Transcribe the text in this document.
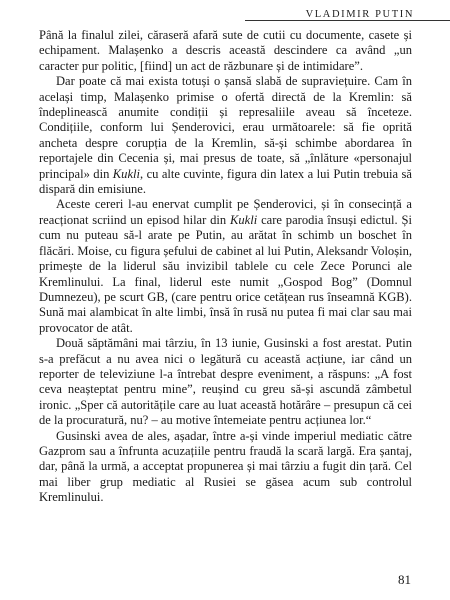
VLADIMIR PUTIN

Până la finalul zilei, căraseră afară sute de cutii cu documente, casete și echipament. Malașenko a descris această descindere ca având „un caracter pur politic, [fiind] un act de răzbunare și de intimidare”.

Dar poate că mai exista totuși o șansă slabă de supraviețuire. Cam în același timp, Malașenko primise o ofertă directă de la Kremlin: să îndeplinească anumite condiții și represaliile aveau să înceteze. Condițiile, conform lui Șenderovici, erau următoarele: să fie oprită ancheta despre corupția de la Kremlin, să-și schimbe abordarea în reportajele din Cecenia și, mai presus de toate, să „înlăture «personajul principal» din Kukli, cu alte cuvinte, figura din latex a lui Putin trebuia să dispară din emisiune.

Aceste cereri l-au enervat cumplit pe Șenderovici, și în consecință a reacționat scriind un episod hilar din Kukli care parodia însuși edictul. Și cum nu puteau să-l arate pe Putin, au arătat în schimb un boschet în flăcări. Moise, cu figura șefului de cabinet al lui Putin, Aleksandr Voloșin, primește de la liderul său invizibil tablele cu cele Zece Porunci ale Kremlinului. La final, liderul este numit „Gospod Bog” (Domnul Dumnezeu), pe scurt GB, (care pentru orice cetățean rus înseamnă KGB). Sună mai alambicat în alte limbi, însă în rusă nu putea fi mai clar sau mai provocator de atât.

Două săptămâni mai târziu, în 13 iunie, Gusinski a fost arestat. Putin s-a prefăcut a nu avea nici o legătură cu această acțiune, iar când un reporter de televiziune l-a întrebat despre eveniment, a răspuns: „A fost ceva neașteptat pentru mine”, reușind cu greu să-și ascundă zâmbetul ironic. „Sper că autoritățile care au luat această hotărâre – presupun că cei de la procuratură, nu? – au motive întemeiate pentru acțiunea lor.“

Gusinski avea de ales, așadar, între a-și vinde imperiul mediatic către Gazprom sau a înfrunta acuzațiile pentru fraudă la scară largă. Era șantaj, dar, până la urmă, a acceptat propunerea și mai târziu a fugit din țară. Cel mai liber grup mediatic al Rusiei se găsea acum sub controlul Kremlinului.

81
